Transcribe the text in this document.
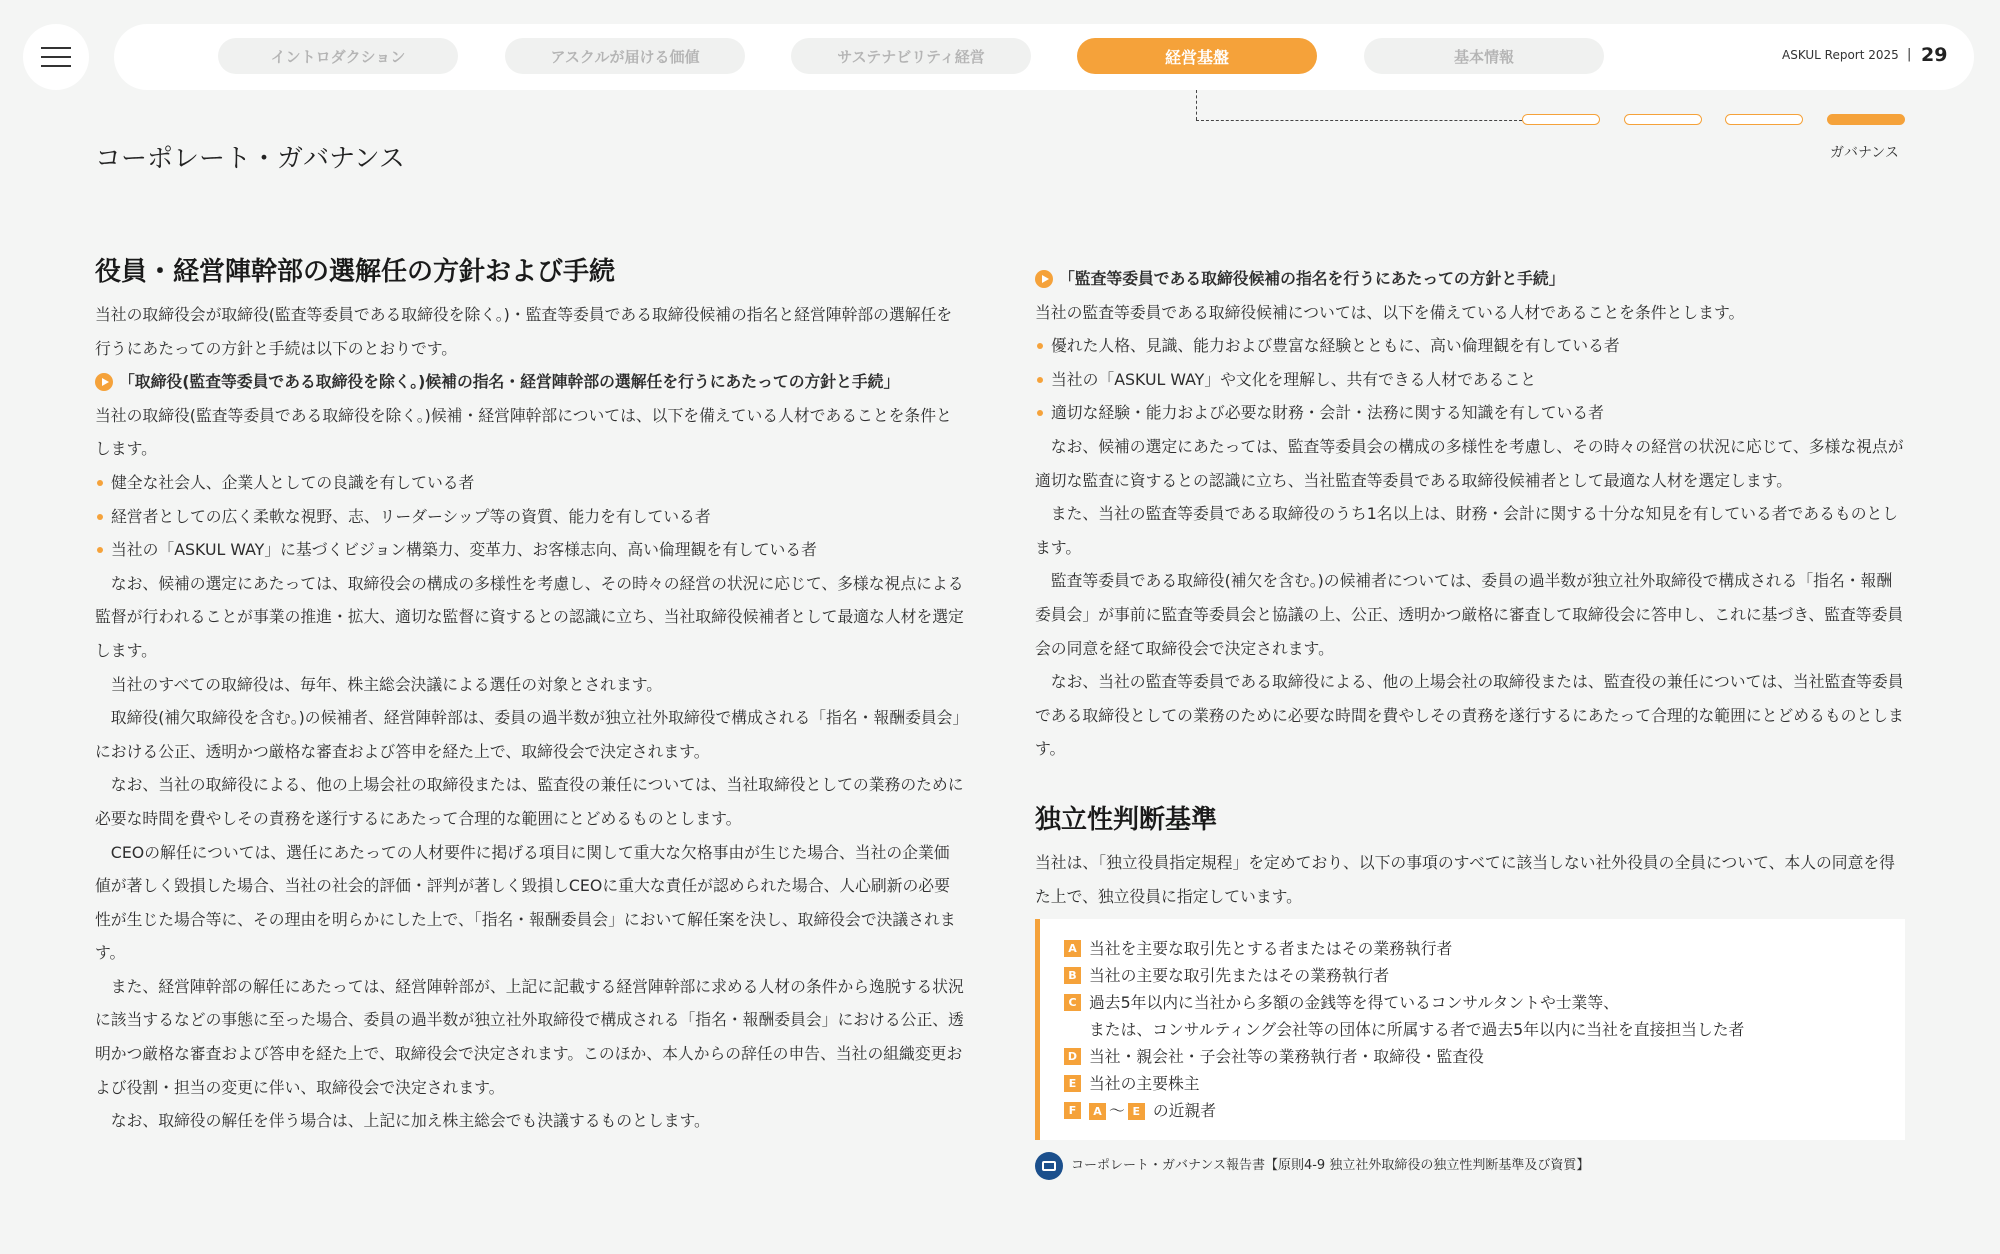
イントロダクション	アスクルが届ける価値	サステナビリティ経営	経営基盤	基本情報	ASKUL Report 2025 | 29
ガバナンス
コーポレート・ガバナンス
役員・経営陣幹部の選解任の方針および手続

当社の取締役会が取締役(監査等委員である取締役を除く。)・監査等委員である取締役候補の指名と経営陣幹部の選解任を行うにあたっての方針と手続は以下のとおりです。

「取締役(監査等委員である取締役を除く。)候補の指名・経営陣幹部の選解任を行うにあたっての方針と手続」

当社の取締役(監査等委員である取締役を除く。)候補・経営陣幹部については、以下を備えている人材であることを条件とします。

健全な社会人、企業人としての良識を有している者
経営者としての広く柔軟な視野、志、リーダーシップ等の資質、能力を有している者
当社の「ASKUL WAY」に基づくビジョン構築力、変革力、お客様志向、高い倫理観を有している者

なお、候補の選定にあたっては、取締役会の構成の多様性を考慮し、その時々の経営の状況に応じて、多様な視点による監督が行われることが事業の推進・拡大、適切な監督に資するとの認識に立ち、当社取締役候補者として最適な人材を選定します。

当社のすべての取締役は、毎年、株主総会決議による選任の対象とされます。

取締役(補欠取締役を含む。)の候補者、経営陣幹部は、委員の過半数が独立社外取締役で構成される「指名・報酬委員会」における公正、透明かつ厳格な審査および答申を経た上で、取締役会で決定されます。

なお、当社の取締役による、他の上場会社の取締役または、監査役の兼任については、当社取締役としての業務のために必要な時間を費やしその責務を遂行するにあたって合理的な範囲にとどめるものとします。

CEOの解任については、選任にあたっての人材要件に掲げる項目に関して重大な欠格事由が生じた場合、当社の企業価値が著しく毀損した場合、当社の社会的評価・評判が著しく毀損しCEOに重大な責任が認められた場合、人心刷新の必要性が生じた場合等に、その理由を明らかにした上で、「指名・報酬委員会」において解任案を決し、取締役会で決議されます。

また、経営陣幹部の解任にあたっては、経営陣幹部が、上記に記載する経営陣幹部に求める人材の条件から逸脱する状況に該当するなどの事態に至った場合、委員の過半数が独立社外取締役で構成される「指名・報酬委員会」における公正、透明かつ厳格な審査および答申を経た上で、取締役会で決定されます。このほか、本人からの辞任の申告、当社の組織変更および役割・担当の変更に伴い、取締役会で決定されます。

なお、取締役の解任を伴う場合は、上記に加え株主総会でも決議するものとします。

「監査等委員である取締役候補の指名を行うにあたっての方針と手続」

当社の監査等委員である取締役候補については、以下を備えている人材であることを条件とします。

優れた人格、見識、能力および豊富な経験とともに、高い倫理観を有している者
当社の「ASKUL WAY」や文化を理解し、共有できる人材であること
適切な経験・能力および必要な財務・会計・法務に関する知識を有している者

なお、候補の選定にあたっては、監査等委員会の構成の多様性を考慮し、その時々の経営の状況に応じて、多様な視点が適切な監査に資するとの認識に立ち、当社監査等委員である取締役候補者として最適な人材を選定します。

また、当社の監査等委員である取締役のうち1名以上は、財務・会計に関する十分な知見を有している者であるものとします。

監査等委員である取締役(補欠を含む。)の候補者については、委員の過半数が独立社外取締役で構成される「指名・報酬委員会」が事前に監査等委員会と協議の上、公正、透明かつ厳格に審査して取締役会に答申し、これに基づき、監査等委員会の同意を経て取締役会で決定されます。

なお、当社の監査等委員である取締役による、他の上場会社の取締役または、監査役の兼任については、当社監査等委員である取締役としての業務のために必要な時間を費やしその責務を遂行するにあたって合理的な範囲にとどめるものとします。

独立性判断基準

当社は、「独立役員指定規程」を定めており、以下の事項のすべてに該当しない社外役員の全員について、本人の同意を得た上で、独立役員に指定しています。

A 当社を主要な取引先とする者またはその業務執行者
B 当社の主要な取引先またはその業務執行者
C 過去5年以内に当社から多額の金銭等を得ているコンサルタントや士業等、
または、コンサルティング会社等の団体に所属する者で過去5年以内に当社を直接担当した者
D 当社・親会社・子会社等の業務執行者・取締役・監査役
E 当社の主要株主
F	A 〜 E の近親者
コーポレート・ガバナンス報告書【原則4-9 独立社外取締役の独立性判断基準及び資質】
